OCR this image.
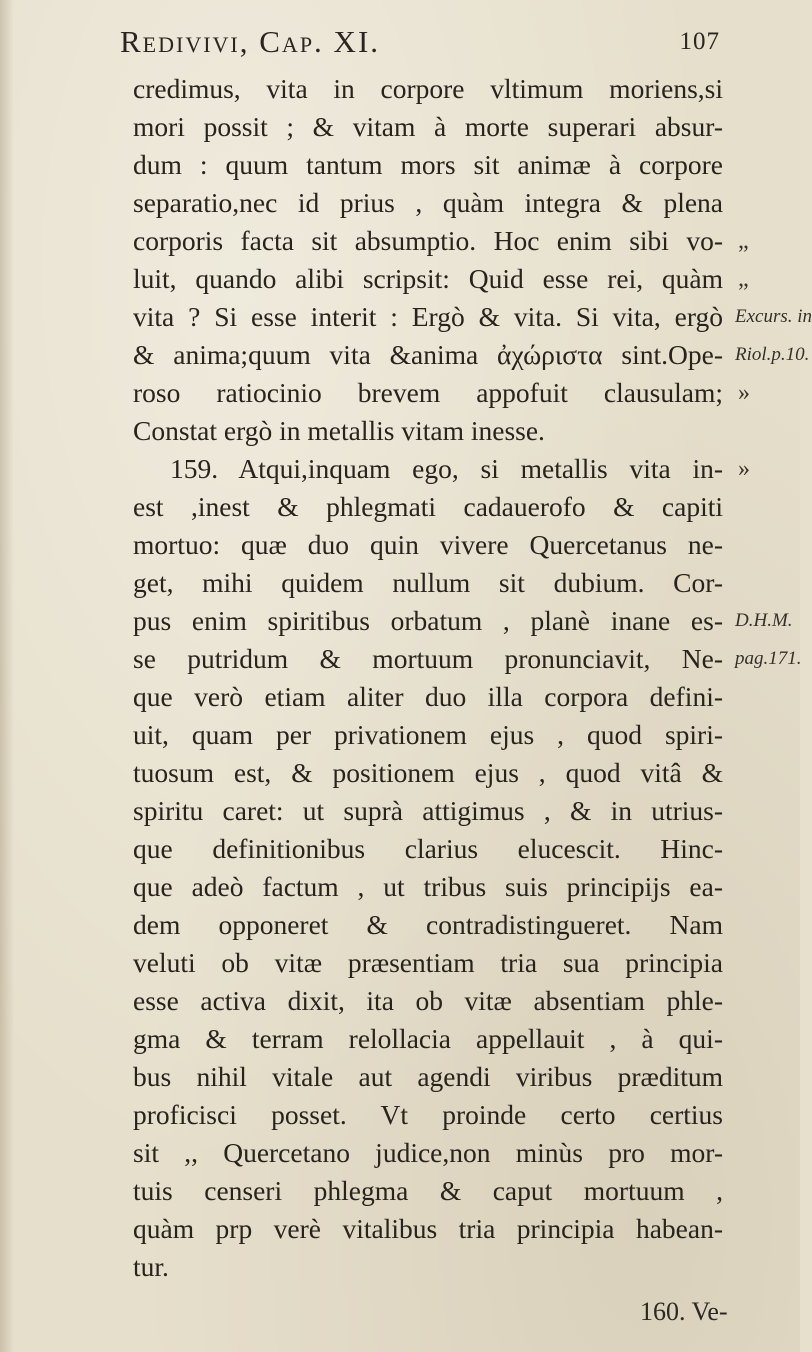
Redivivi, Cap. XI.	107
credimus, vita in corpore vltimum moriens,si
mori possit ; & vitam à morte superari absur-
dum : quum tantum mors sit animæ à corpore
separatio,nec id prius , quàm integra & plena
corporis facta sit absumptio. Hoc enim sibi vo-
luit, quando alibi scripsit: Quid esse rei, quàm
vita ? Si esse interit : Ergò & vita. Si vita, ergò
& anima;quum vita &anima ἀχώριστα sint.Ope-
roso ratiocinio brevem appofuit clausulam;
Constat ergò in metallis vitam inesse.
159. Atqui,inquam ego, si metallis vita in-
est ,inest & phlegmati cadauerofo & capiti
mortuo: quæ duo quin vivere Quercetanus ne-
get, mihi quidem nullum sit dubium. Cor-
pus enim spiritibus orbatum , planè inane es-
se putridum & mortuum pronunciavit, Ne-
que verò etiam aliter duo illa corpora defini-
uit, quam per privationem ejus , quod spiri-
tuosum est, & positionem ejus , quod vitâ &
spiritu caret: ut suprà attigimus , & in utrius-
que definitionibus clarius elucescit. Hinc-
que adeò factum , ut tribus suis principijs ea-
dem opponeret & contradistingueret. Nam
veluti ob vitæ præsentiam tria sua principia
esse activa dixit, ita ob vitæ absentiam phle-
gma & terram relollacia appellauit , à qui-
bus nihil vitale aut agendi viribus præditum
proficisci posset. Vt proinde certo certius
sit ,, Quercetano judice,non minùs pro mor-
tuis censeri phlegma & caput mortuum ,
quàm prp verè vitalibus tria principia habean-
tur.
„
„
»
»
Excurs. in
Riol.p.10.
D.H.M.
pag.171.
160. Ve-
